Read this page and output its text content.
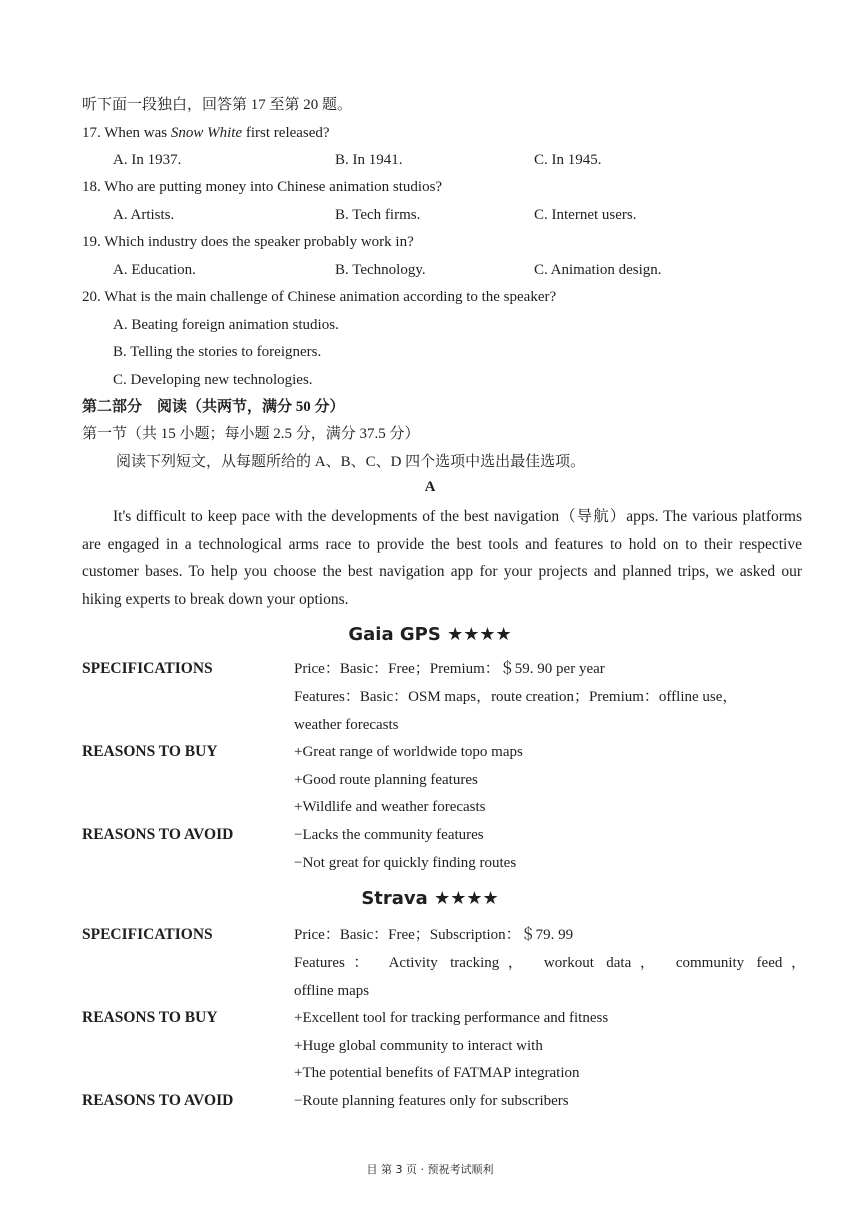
听下面一段独白，回答第 17 至第 20 题。
17. When was Snow White first released?
A. In 1937.	B. In 1941.	C. In 1945.
18. Who are putting money into Chinese animation studios?
A. Artists.	B. Tech firms.	C. Internet users.
19. Which industry does the speaker probably work in?
A. Education.	B. Technology.	C. Animation design.
20. What is the main challenge of Chinese animation according to the speaker?
A. Beating foreign animation studios.
B. Telling the stories to foreigners.
C. Developing new technologies.
第二部分　阅读（共两节，满分 50 分）
第一节（共 15 小题；每小题 2.5 分，满分 37.5 分）
阅读下列短文，从每题所给的 A、B、C、D 四个选项中选出最佳选项。
A
It's difficult to keep pace with the developments of the best navigation（导航）apps. The various platforms are engaged in a technological arms race to provide the best tools and features to hold on to their respective customer bases. To help you choose the best navigation app for your projects and planned trips, we asked our hiking experts to break down your options.
Gaia GPS ★★★★
SPECIFICATIONS	Price：Basic：Free；Premium：＄59. 90 per year
Features：Basic：OSM maps，route creation；Premium：offline use，
weather forecasts
REASONS TO BUY	+Great range of worldwide topo maps
+Good route planning features
+Wildlife and weather forecasts
REASONS TO AVOID	−Lacks the community features
−Not great for quickly finding routes
Strava ★★★★
SPECIFICATIONS	Price：Basic：Free；Subscription：＄79. 99
Features： Activity tracking， workout data， community feed，
offline maps
REASONS TO BUY	+Excellent tool for tracking performance and fitness
+Huge global community to interact with
+The potential benefits of FATMAP integration
REASONS TO AVOID	−Route planning features only for subscribers
目 第 3 页 · 预祝考试顺利
